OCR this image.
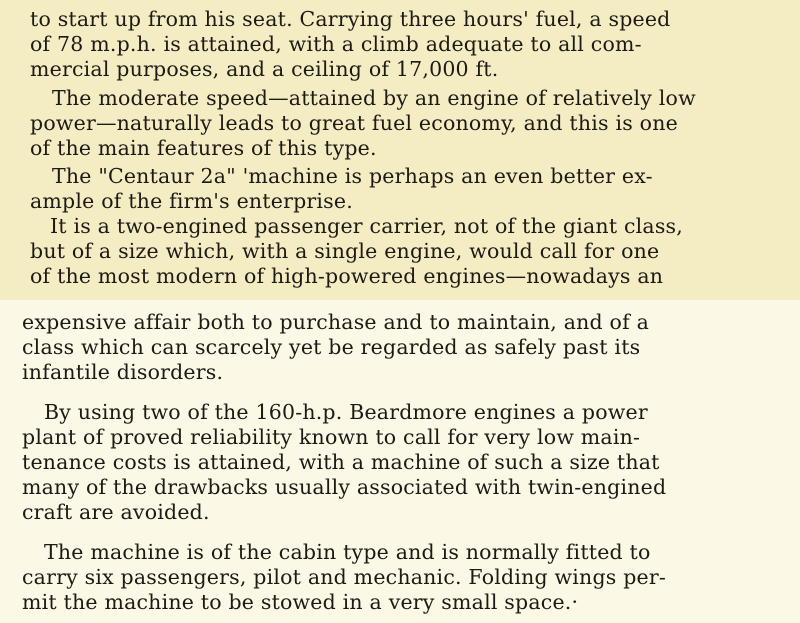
to start up from his seat. Carrying three hours' fuel, a speed
of 78 m.p.h. is attained, with a climb adequate to all com-
mercial purposes, and a ceiling of 17,000 ft.
The moderate speed—attained by an engine of relatively low
power—naturally leads to great fuel economy, and this is one
of the main features of this type.
The "Centaur 2a" 'machine is perhaps an even better ex-
ample of the firm's enterprise.
It is a two-engined passenger carrier, not of the giant class,
but of a size which, with a single engine, would call for one
of the most modern of high-powered engines—nowadays an
expensive affair both to purchase and to maintain, and of a
class which can scarcely yet be regarded as safely past its
infantile disorders.
By using two of the 160-h.p. Beardmore engines a power
plant of proved reliability known to call for very low main-
tenance costs is attained, with a machine of such a size that
many of the drawbacks usually associated with twin-engined
craft are avoided.
The machine is of the cabin type and is normally fitted to
carry six passengers, pilot and mechanic. Folding wings per-
mit the machine to be stowed in a very small space.·
